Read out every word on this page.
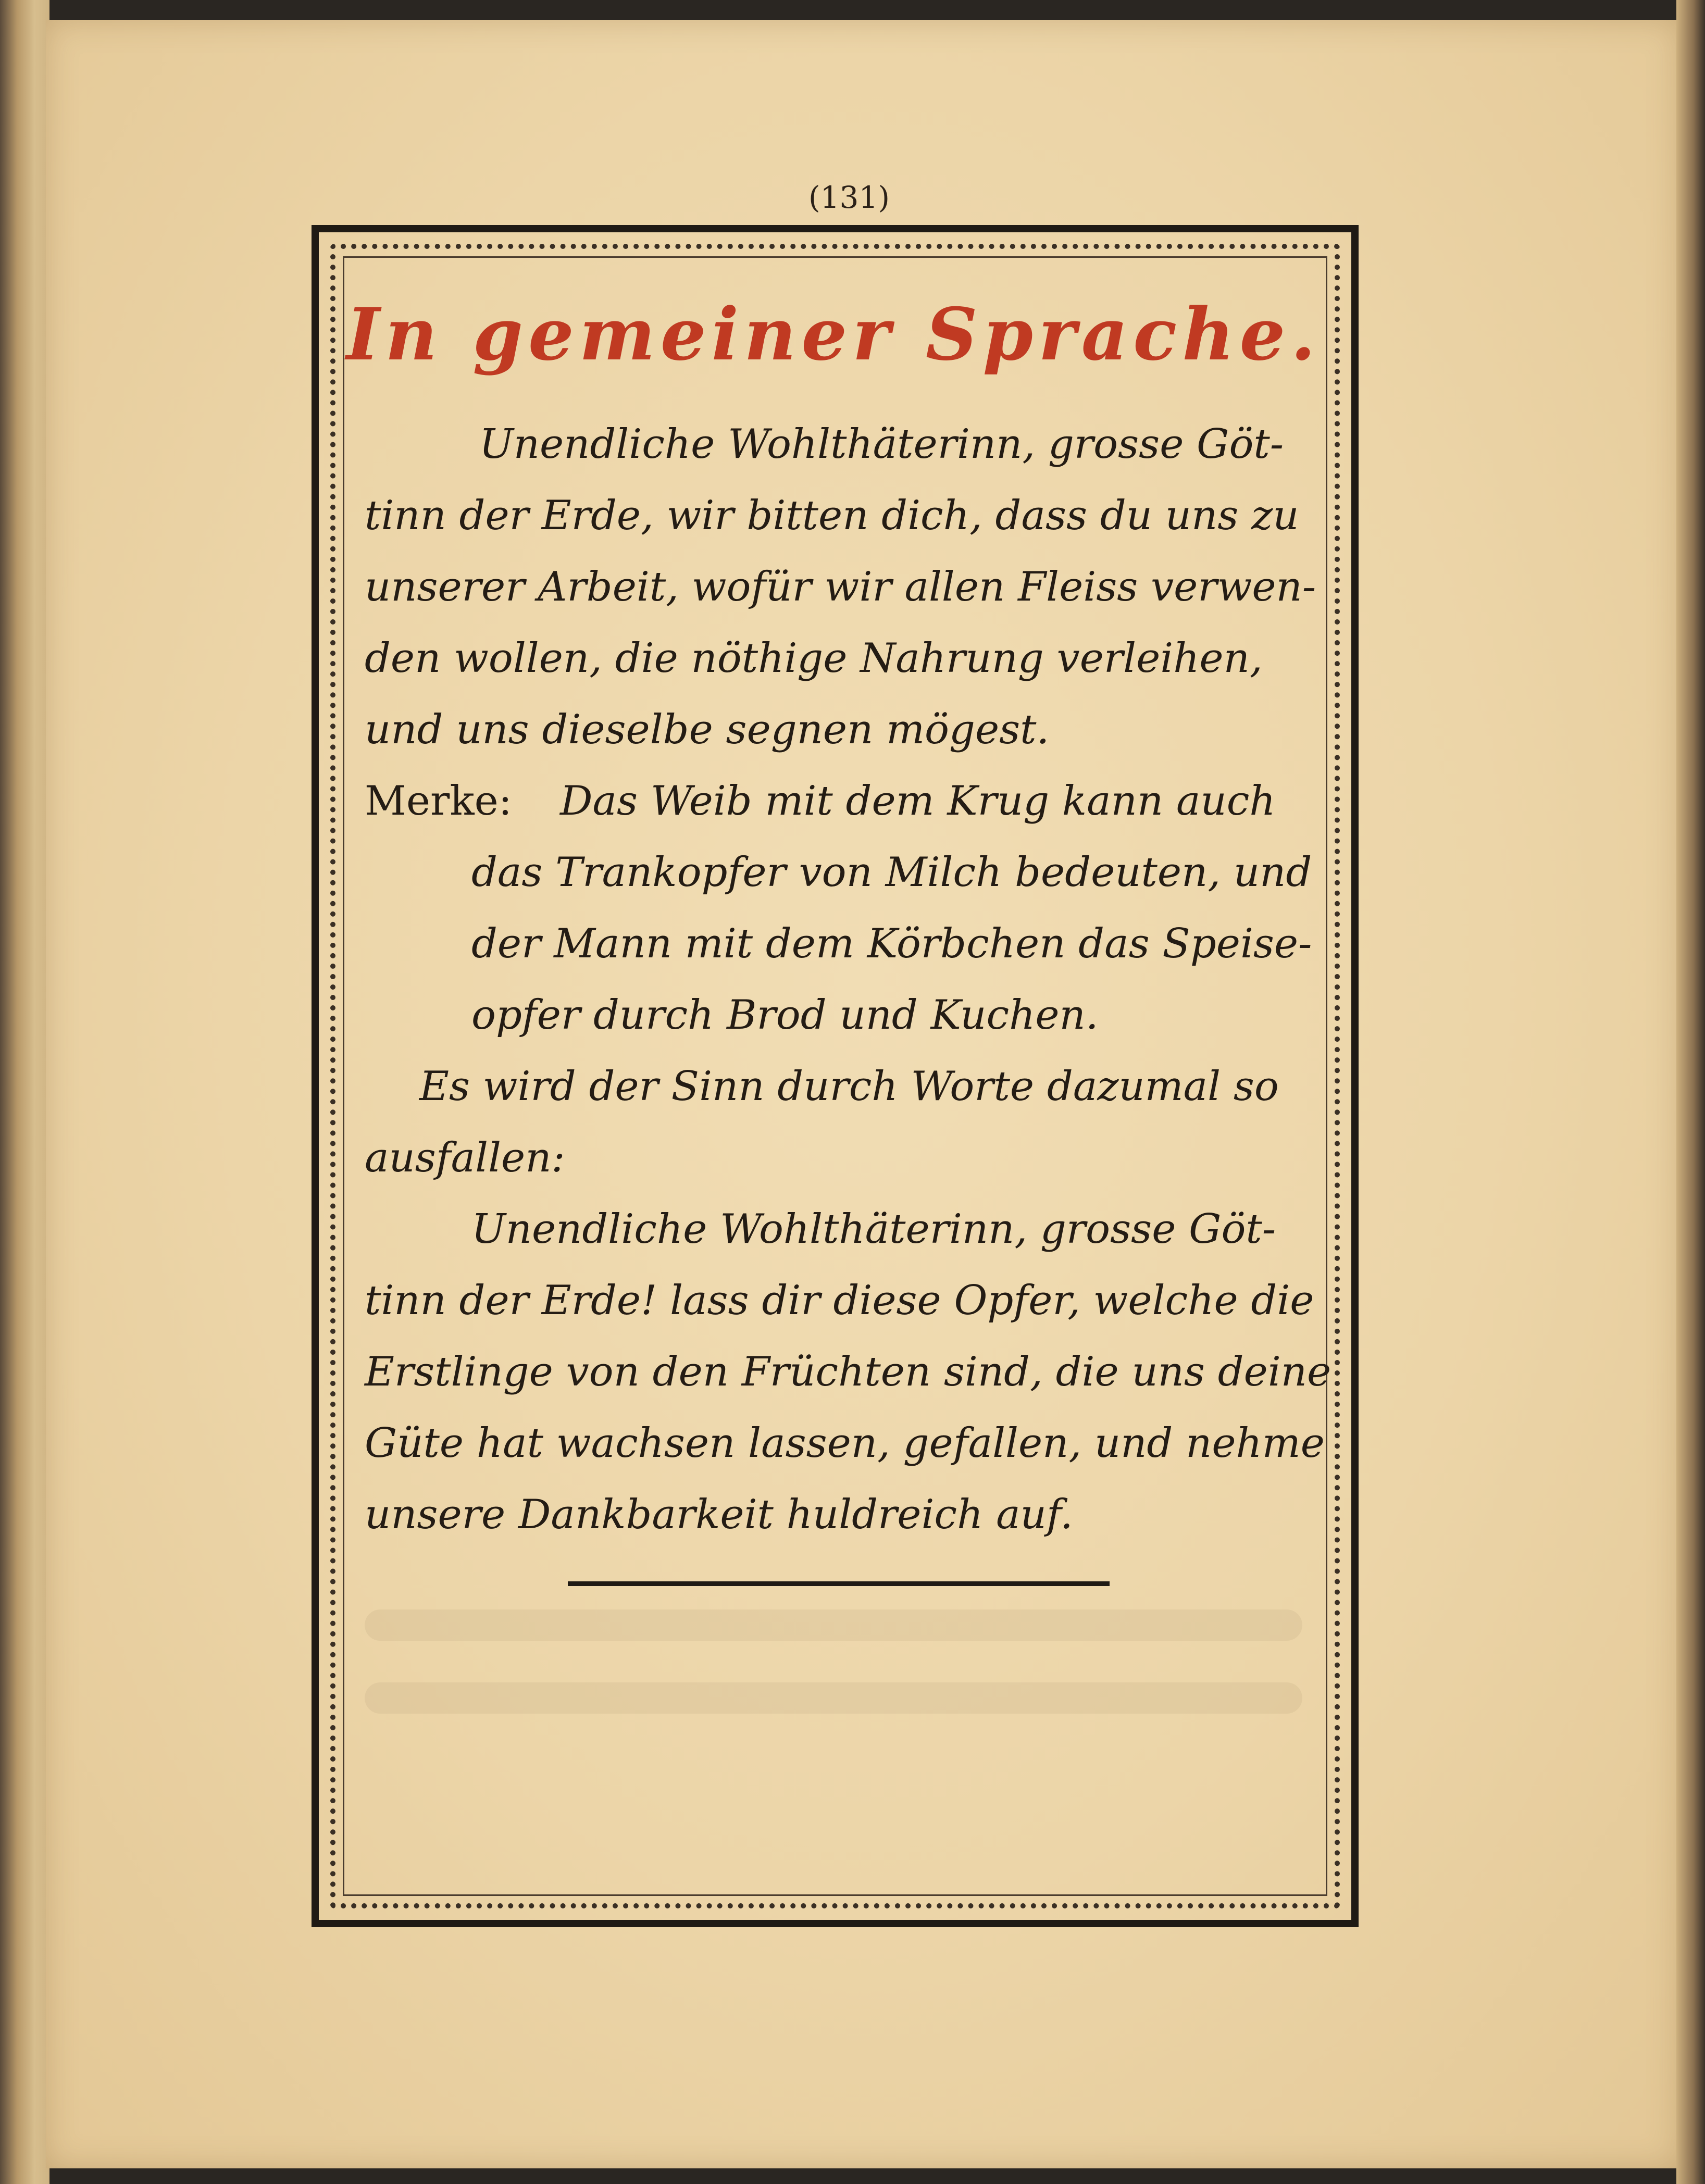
(131)
In gemeiner Sprache.
Unendliche Wohlthäterinn, grosse Göt-
tinn der Erde, wir bitten dich, dass du uns zu
unserer Arbeit, wofür wir allen Fleiss verwen-
den wollen, die nöthige Nahrung verleihen,
und uns dieselbe segnen mögest.
Merke: Das Weib mit dem Krug kann auch
das Trankopfer von Milch bedeuten, und
der Mann mit dem Körbchen das Speise-
opfer durch Brod und Kuchen.
Es wird der Sinn durch Worte dazumal so
ausfallen:
Unendliche Wohlthäterinn, grosse Göt-
tinn der Erde! lass dir diese Opfer, welche die
Erstlinge von den Früchten sind, die uns deine
Güte hat wachsen lassen, gefallen, und nehme
unsere Dankbarkeit huldreich auf.
